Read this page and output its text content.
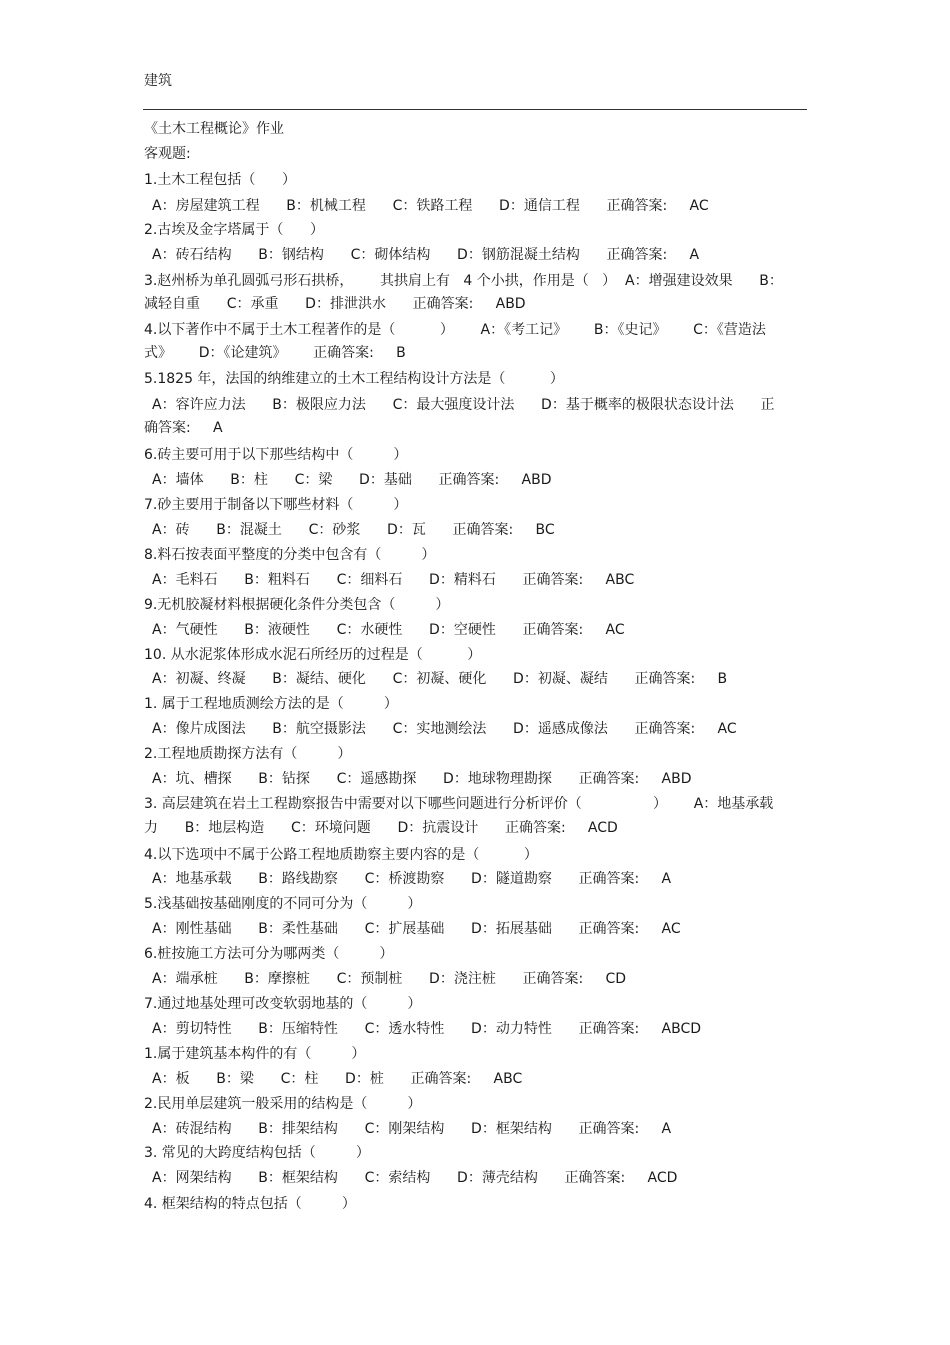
建筑
《土木工程概论》作业
客观题:
1.土木工程包括（      ）
A：房屋建筑工程      B：机械工程      C：铁路工程      D：通信工程      正确答案:     AC
2.古埃及金字塔属于（      ）
A：砖石结构      B：钢结构      C：砌体结构      D：钢筋混凝土结构      正确答案:     A
3.赵州桥为单孔圆弧弓形石拱桥，      其拱肩上有   4 个小拱，作用是（   ）  A：增强建设效果      B：
减轻自重      C：承重      D：排泄洪水      正确答案:     ABD
4.以下著作中不属于土木工程著作的是（          ）      A：《考工记》      B：《史记》      C：《营造法
式》      D：《论建筑》      正确答案:     B
5.1825 年，法国的纳维建立的土木工程结构设计方法是（          ）
A：容许应力法      B：极限应力法      C：最大强度设计法      D：基于概率的极限状态设计法      正
确答案:     A
6.砖主要可用于以下那些结构中（         ）
A：墙体      B：柱      C：梁      D：基础      正确答案:     ABD
7.砂主要用于制备以下哪些材料（         ）
A：砖      B：混凝土      C：砂浆      D：瓦      正确答案:     BC
8.料石按表面平整度的分类中包含有（         ）
A：毛料石      B：粗料石      C：细料石      D：精料石      正确答案:     ABC
9.无机胶凝材料根据硬化条件分类包含（         ）
A：气硬性      B：液硬性      C：水硬性      D：空硬性      正确答案:     AC
10. 从水泥浆体形成水泥石所经历的过程是（          ）
A：初凝、终凝      B：凝结、硬化      C：初凝、硬化      D：初凝、凝结      正确答案:     B
1. 属于工程地质测绘方法的是（         ）
A：像片成图法      B：航空摄影法      C：实地测绘法      D：遥感成像法      正确答案:     AC
2.工程地质勘探方法有（         ）
A：坑、槽探      B：钻探      C：遥感勘探      D：地球物理勘探      正确答案:     ABD
3. 高层建筑在岩土工程勘察报告中需要对以下哪些问题进行分析评价（                ）      A：地基承载
力      B：地层构造      C：环境问题      D：抗震设计      正确答案:     ACD
4.以下选项中不属于公路工程地质勘察主要内容的是（          ）
A：地基承载      B：路线勘察      C：桥渡勘察      D：隧道勘察      正确答案:     A
5.浅基础按基础刚度的不同可分为（         ）
A：刚性基础      B：柔性基础      C：扩展基础      D：拓展基础      正确答案:     AC
6.桩按施工方法可分为哪两类（         ）
A：端承桩      B：摩擦桩      C：预制桩      D：浇注桩      正确答案:     CD
7.通过地基处理可改变软弱地基的（         ）
A：剪切特性      B：压缩特性      C：透水特性      D：动力特性      正确答案:     ABCD
1.属于建筑基本构件的有（         ）
A：板      B：梁      C：柱      D：桩      正确答案:     ABC
2.民用单层建筑一般采用的结构是（         ）
A：砖混结构      B：排架结构      C：刚架结构      D：框架结构      正确答案:     A
3. 常见的大跨度结构包括（         ）
A：网架结构      B：框架结构      C：索结构      D：薄壳结构      正确答案:     ACD
4. 框架结构的特点包括（         ）
